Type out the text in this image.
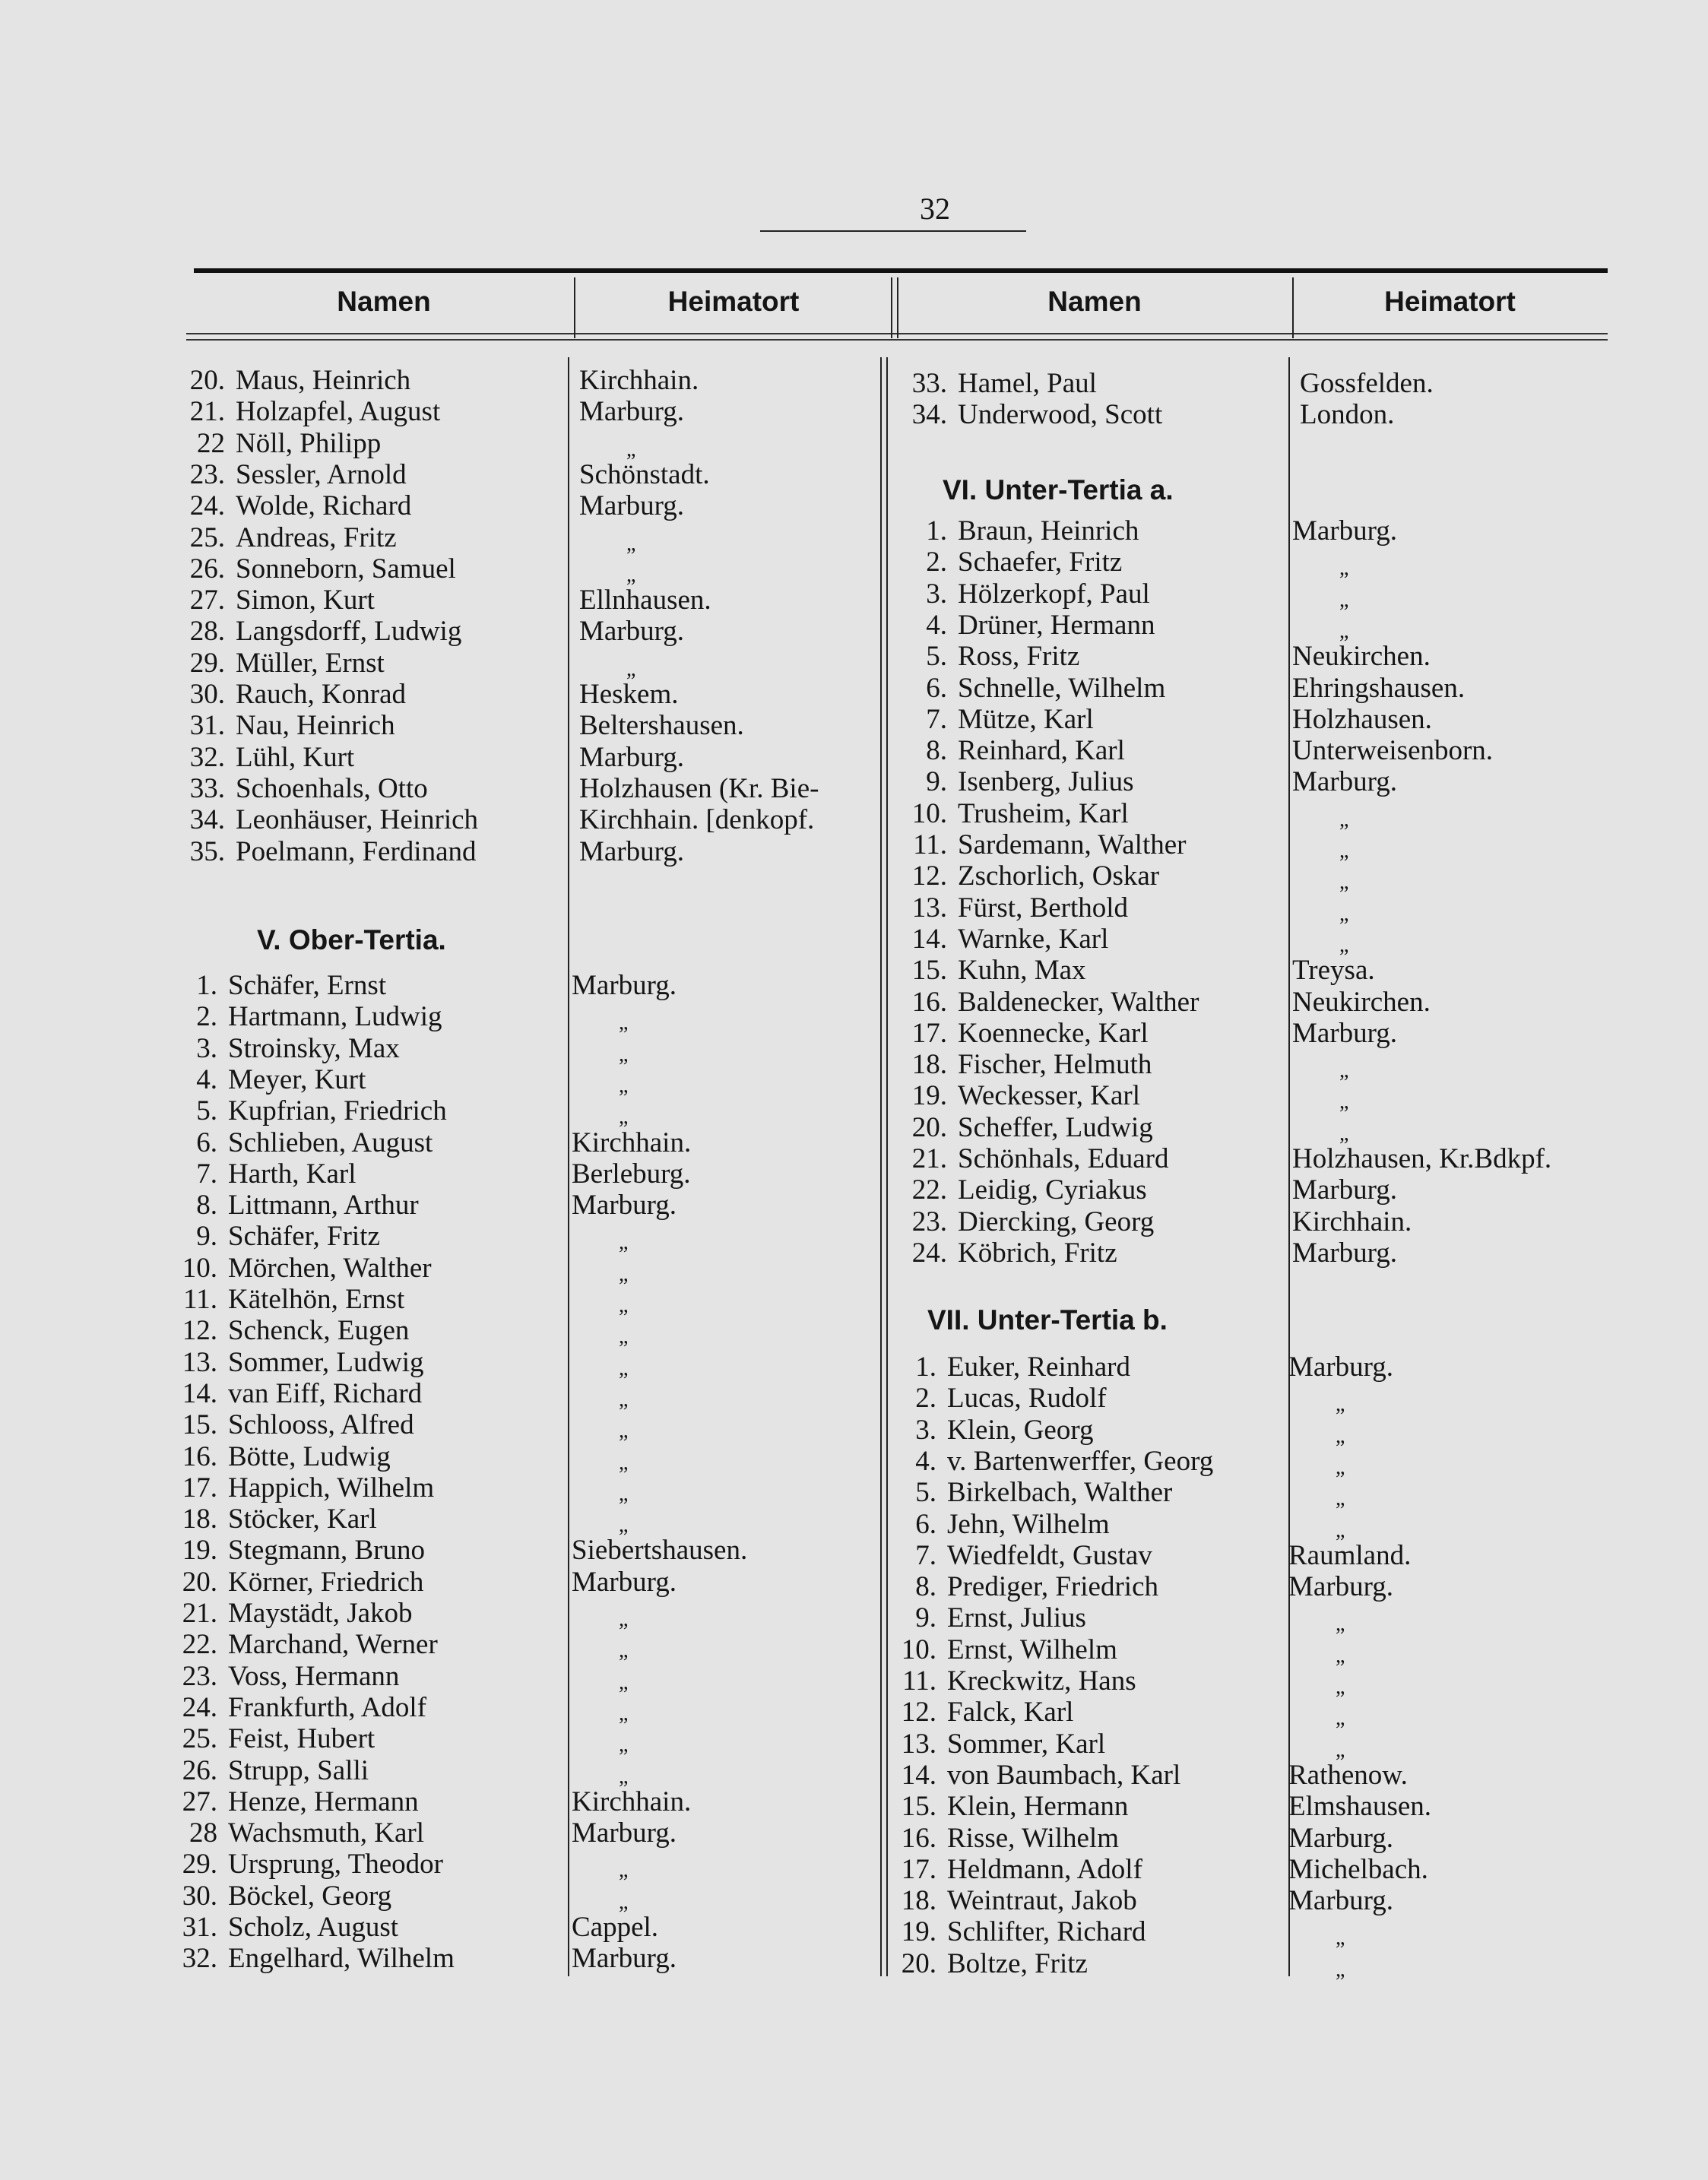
32
Namen	Heimatort	Namen	Heimatort
20. Maus, Heinrich	Kirchhain.
21. Holzapfel, August	Marburg.
22 Nöll, Philipp	„
23. Sessler, Arnold	Schönstadt.
24. Wolde, Richard	Marburg.
25. Andreas, Fritz	„
26. Sonneborn, Samuel	„
27. Simon, Kurt	Ellnhausen.
28. Langsdorff, Ludwig	Marburg.
29. Müller, Ernst	„
30. Rauch, Konrad	Heskem.
31. Nau, Heinrich	Beltershausen.
32. Lühl, Kurt	Marburg.
33. Schoenhals, Otto	Holzhausen (Kr. Bie-
34. Leonhäuser, Heinrich	Kirchhain. [denkopf.
35. Poelmann, Ferdinand	Marburg.
V. Ober-Tertia.
1. Schäfer, Ernst	Marburg.
2. Hartmann, Ludwig	„
3. Stroinsky, Max	„
4. Meyer, Kurt	„
5. Kupfrian, Friedrich	„
6. Schlieben, August	Kirchhain.
7. Harth, Karl	Berleburg.
8. Littmann, Arthur	Marburg.
9. Schäfer, Fritz	„
10. Mörchen, Walther	„
11. Kätelhön, Ernst	„
12. Schenck, Eugen	„
13. Sommer, Ludwig	„
14. van Eiff, Richard	„
15. Schlooss, Alfred	„
16. Bötte, Ludwig	„
17. Happich, Wilhelm	„
18. Stöcker, Karl	„
19. Stegmann, Bruno	Siebertshausen.
20. Körner, Friedrich	Marburg.
21. Maystädt, Jakob	„
22. Marchand, Werner	„
23. Voss, Hermann	„
24. Frankfurth, Adolf	„
25. Feist, Hubert	„
26. Strupp, Salli	„
27. Henze, Hermann	Kirchhain.
28 Wachsmuth, Karl	Marburg.
29. Ursprung, Theodor	„
30. Böckel, Georg	„
31. Scholz, August	Cappel.
32. Engelhard, Wilhelm	Marburg.
33. Hamel, Paul	Gossfelden.
34. Underwood, Scott	London.
VI. Unter-Tertia a.
1. Braun, Heinrich	Marburg.
2. Schaefer, Fritz	„
3. Hölzerkopf, Paul	„
4. Drüner, Hermann	„
5. Ross, Fritz	Neukirchen.
6. Schnelle, Wilhelm	Ehringshausen.
7. Mütze, Karl	Holzhausen.
8. Reinhard, Karl	Unterweisenborn.
9. Isenberg, Julius	Marburg.
10. Trusheim, Karl	„
11. Sardemann, Walther	„
12. Zschorlich, Oskar	„
13. Fürst, Berthold	„
14. Warnke, Karl	„
15. Kuhn, Max	Treysa.
16. Baldenecker, Walther	Neukirchen.
17. Koennecke, Karl	Marburg.
18. Fischer, Helmuth	„
19. Weckesser, Karl	„
20. Scheffer, Ludwig	„
21. Schönhals, Eduard	Holzhausen, Kr.Bdkpf.
22. Leidig, Cyriakus	Marburg.
23. Diercking, Georg	Kirchhain.
24. Köbrich, Fritz	Marburg.
VII. Unter-Tertia b.
1. Euker, Reinhard	Marburg.
2. Lucas, Rudolf	„
3. Klein, Georg	„
4. v. Bartenwerffer, Georg	„
5. Birkelbach, Walther	„
6. Jehn, Wilhelm	„
7. Wiedfeldt, Gustav	Raumland.
8. Prediger, Friedrich	Marburg.
9. Ernst, Julius	„
10. Ernst, Wilhelm	„
11. Kreckwitz, Hans	„
12. Falck, Karl	„
13. Sommer, Karl	„
14. von Baumbach, Karl	Rathenow.
15. Klein, Hermann	Elmshausen.
16. Risse, Wilhelm	Marburg.
17. Heldmann, Adolf	Michelbach.
18. Weintraut, Jakob	Marburg.
19. Schlifter, Richard	„
20. Boltze, Fritz	„
